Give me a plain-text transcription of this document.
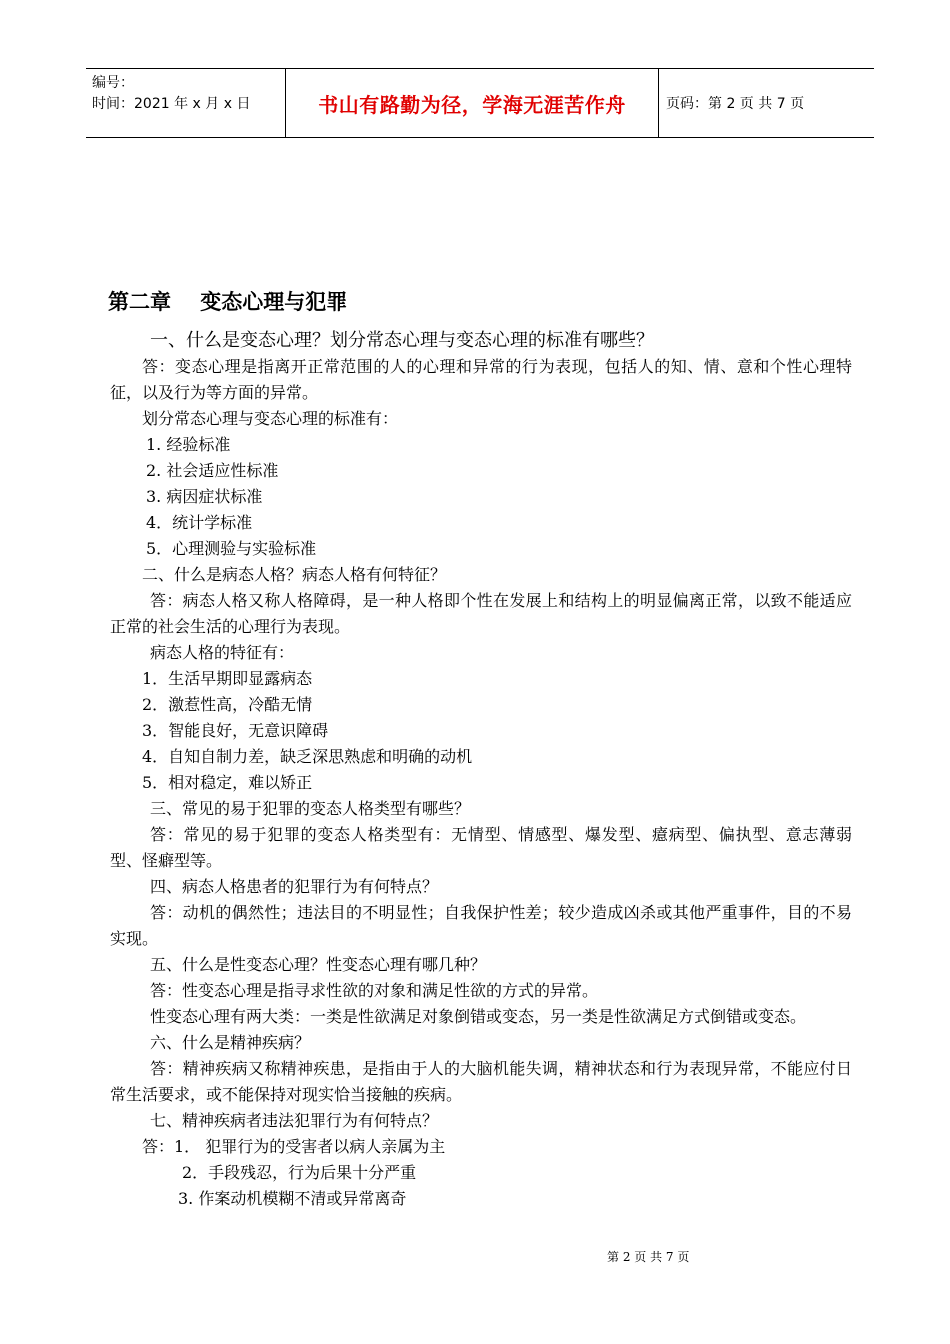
编号：
时间：2021 年 x 月 x 日	书山有路勤为径，学海无涯苦作舟	页码：第 2 页 共 7 页
第二章    变态心理与犯罪

一、什么是变态心理？划分常态心理与变态心理的标准有哪些？

答：变态心理是指离开正常范围的人的心理和异常的行为表现，包括人的知、情、意和个性心理特征，以及行为等方面的异常。

划分常态心理与变态心理的标准有：

1. 经验标准

2. 社会适应性标准

3. 病因症状标准

4．统计学标准

5．心理测验与实验标准

二、什么是病态人格？病态人格有何特征？

答：病态人格又称人格障碍，是一种人格即个性在发展上和结构上的明显偏离正常，以致不能适应正常的社会生活的心理行为表现。

病态人格的特征有：

1．生活早期即显露病态

2．激惹性高，冷酷无情

3．智能良好，无意识障碍

4．自知自制力差，缺乏深思熟虑和明确的动机

5．相对稳定，难以矫正

三、常见的易于犯罪的变态人格类型有哪些？

答：常见的易于犯罪的变态人格类型有：无情型、情感型、爆发型、癔病型、偏执型、意志薄弱型、怪癖型等。

四、病态人格患者的犯罪行为有何特点？

答：动机的偶然性；违法目的不明显性；自我保护性差；较少造成凶杀或其他严重事件，目的不易实现。

五、什么是性变态心理？性变态心理有哪几种？

答：性变态心理是指寻求性欲的对象和满足性欲的方式的异常。

性变态心理有两大类：一类是性欲满足对象倒错或变态，另一类是性欲满足方式倒错或变态。

六、什么是精神疾病？

答：精神疾病又称精神疾患，是指由于人的大脑机能失调，精神状态和行为表现异常，不能应付日常生活要求，或不能保持对现实恰当接触的疾病。

七、精神疾病者违法犯罪行为有何特点？

答：1． 犯罪行为的受害者以病人亲属为主

2．手段残忍，行为后果十分严重

3. 作案动机模糊不清或异常离奇

第 2 页 共 7 页
